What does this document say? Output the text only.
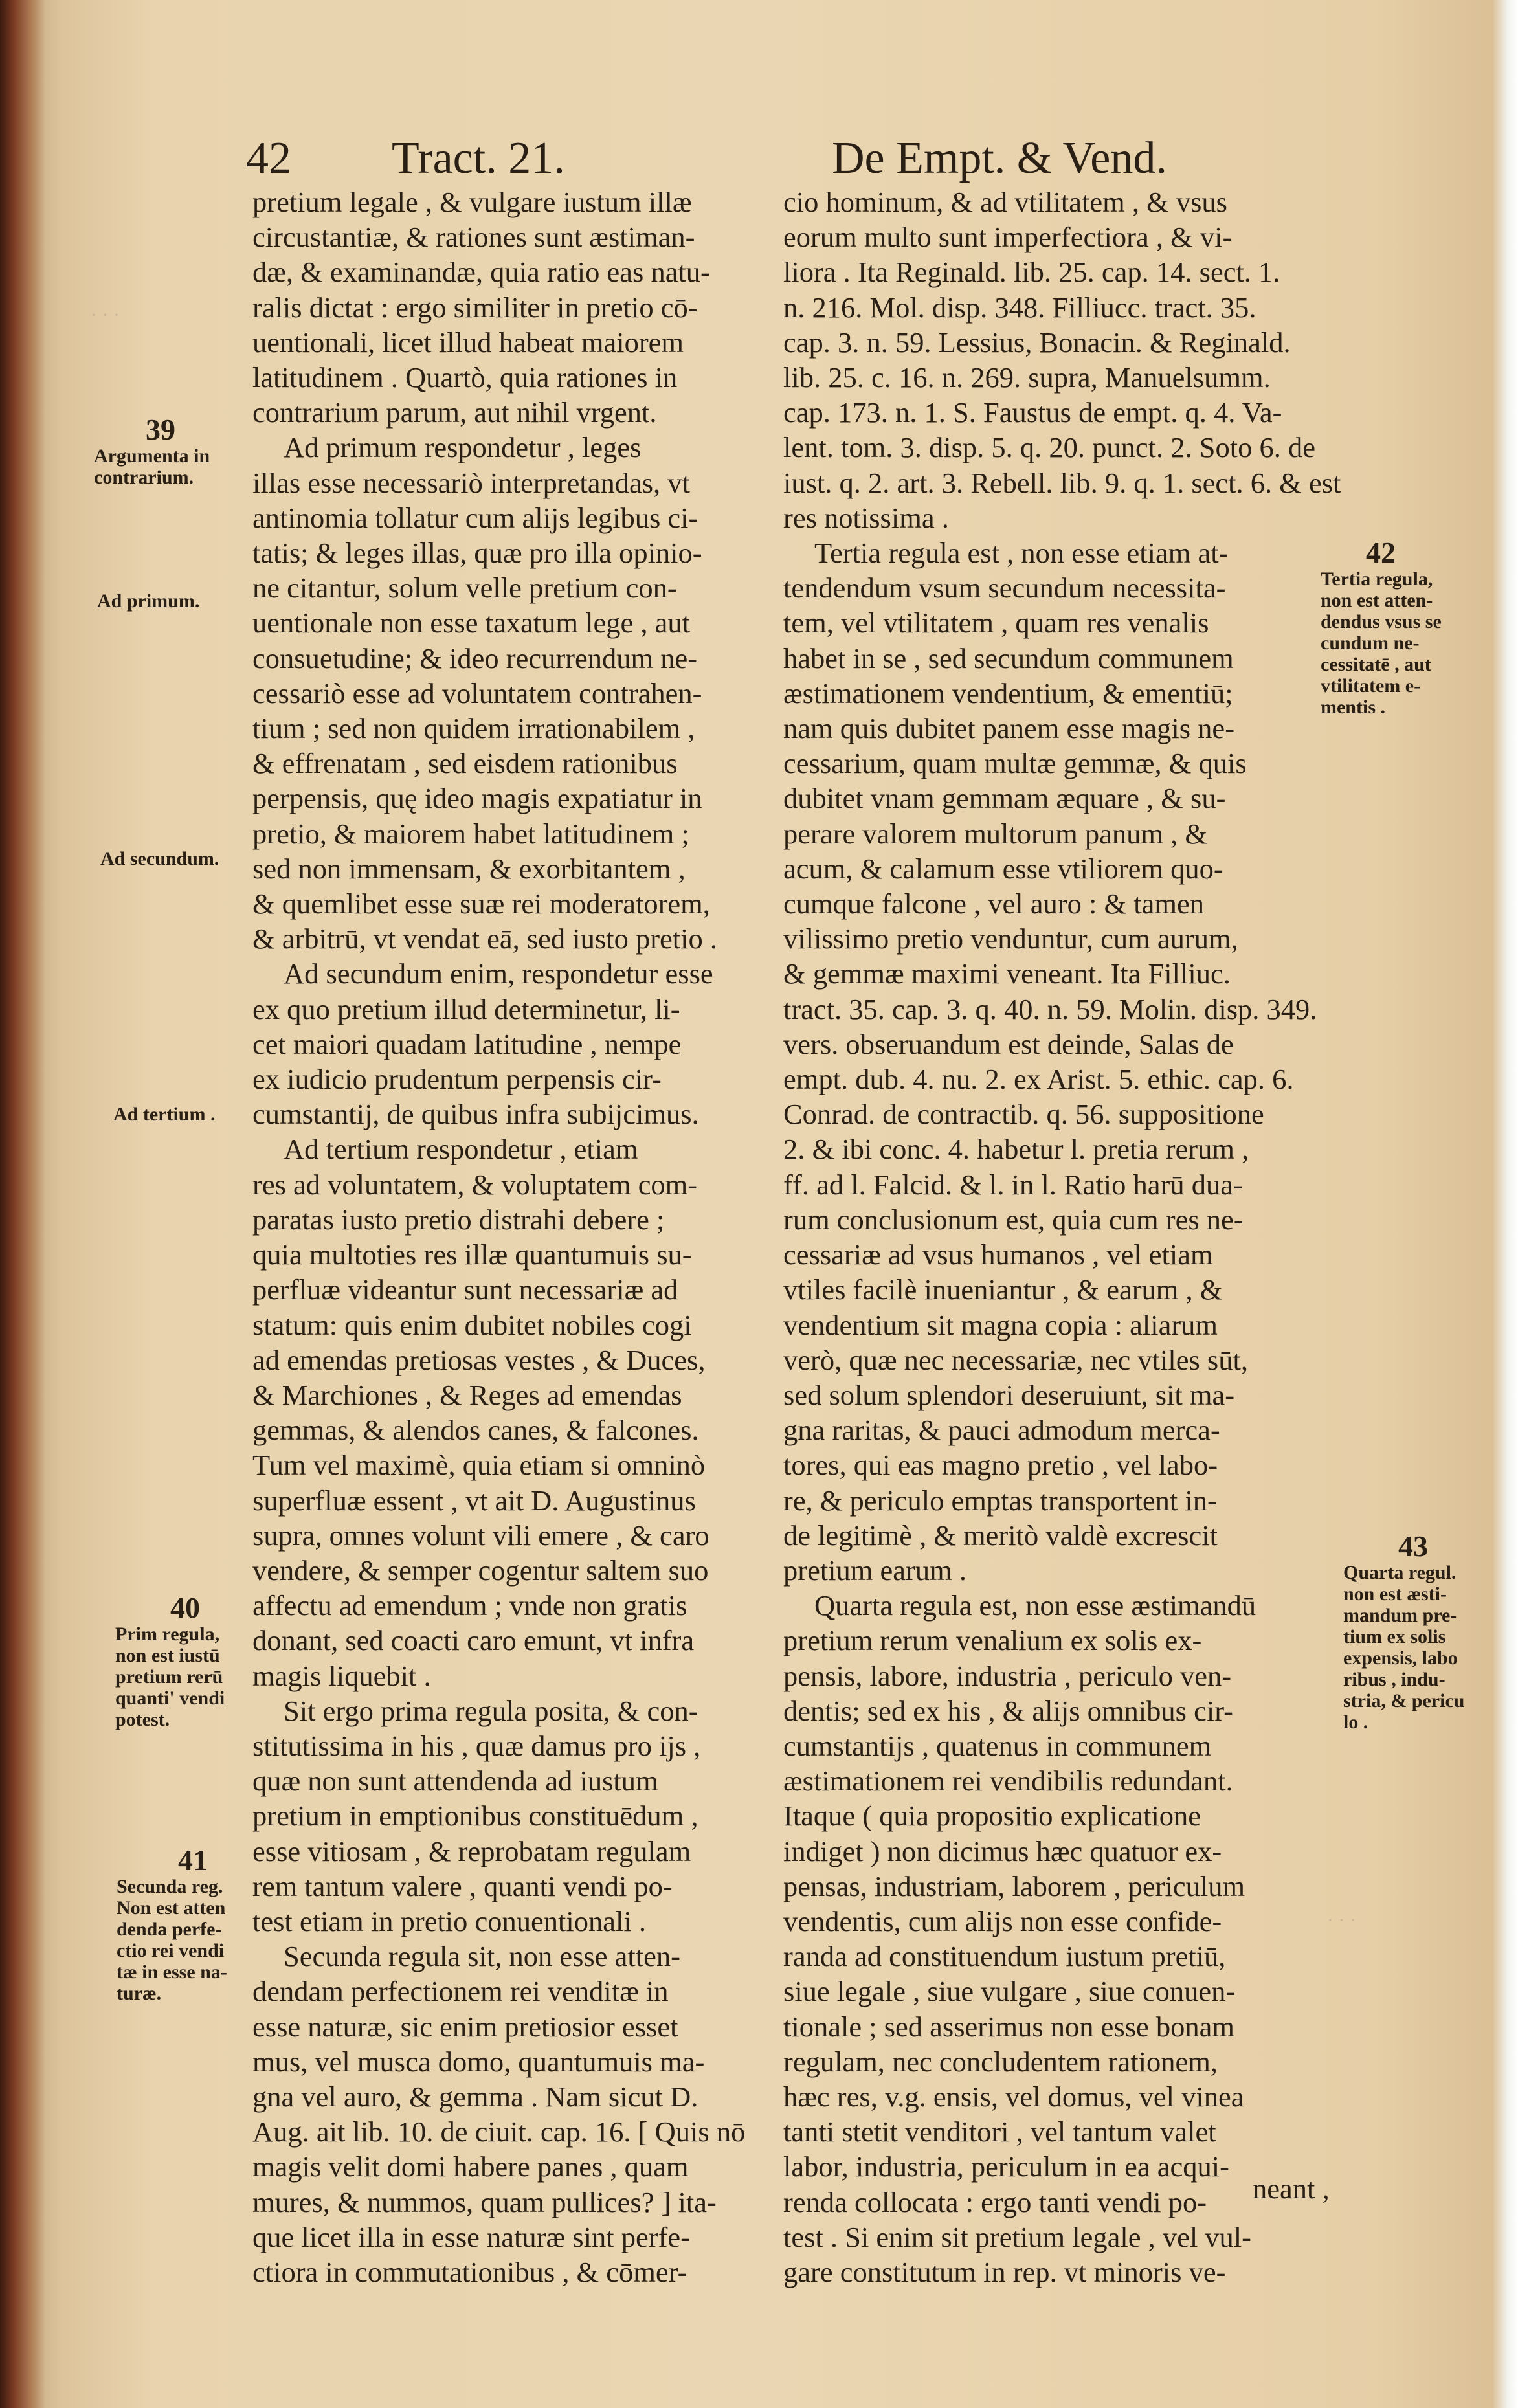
42 Tract. 21.	De Empt. & Vend.
· · ·
· · ·
pretium legale , & vulgare iustum illæ
circustantiæ, & rationes sunt æstiman-
dæ, & examinandæ, quia ratio eas natu-
ralis dictat : ergo similiter in pretio cō-
uentionali, licet illud habeat maiorem
latitudinem . Quartò, quia rationes in
contrarium parum, aut nihil vrgent.
Ad primum respondetur , leges
illas esse necessariò interpretandas, vt
antinomia tollatur cum alijs legibus ci-
tatis; & leges illas, quæ pro illa opinio-
ne citantur, solum velle pretium con-
uentionale non esse taxatum lege , aut
consuetudine; & ideo recurrendum ne-
cessariò esse ad voluntatem contrahen-
tium ; sed non quidem irrationabilem ,
& effrenatam , sed eisdem rationibus
perpensis, quę ideo magis expatiatur in
pretio, & maiorem habet latitudinem ;
sed non immensam, & exorbitantem ,
& quemlibet esse suæ rei moderatorem,
& arbitrū, vt vendat eā, sed iusto pretio .
Ad secundum enim, respondetur esse
ex quo pretium illud determinetur, li-
cet maiori quadam latitudine , nempe
ex iudicio prudentum perpensis cir-
cumstantij, de quibus infra subijcimus.
Ad tertium respondetur , etiam
res ad voluntatem, & voluptatem com-
paratas iusto pretio distrahi debere ;
quia multoties res illæ quantumuis su-
perfluæ videantur sunt necessariæ ad
statum: quis enim dubitet nobiles cogi
ad emendas pretiosas vestes , & Duces,
& Marchiones , & Reges ad emendas
gemmas, & alendos canes, & falcones.
Tum vel maximè, quia etiam si omninò
superfluæ essent , vt ait D. Augustinus
supra, omnes volunt vili emere , & caro
vendere, & semper cogentur saltem suo
affectu ad emendum ; vnde non gratis
donant, sed coacti caro emunt, vt infra
magis liquebit .
Sit ergo prima regula posita, & con-
stitutissima in his , quæ damus pro ijs ,
quæ non sunt attendenda ad iustum
pretium in emptionibus constituēdum ,
esse vitiosam , & reprobatam regulam
rem tantum valere , quanti vendi po-
test etiam in pretio conuentionali .
Secunda regula sit, non esse atten-
dendam perfectionem rei venditæ in
esse naturæ, sic enim pretiosior esset
mus, vel musca domo, quantumuis ma-
gna vel auro, & gemma . Nam sicut D.
Aug. ait lib. 10. de ciuit. cap. 16. [ Quis nō
magis velit domi habere panes , quam
mures, & nummos, quam pullices? ] ita-
que licet illa in esse naturæ sint perfe-
ctiora in commutationibus , & cōmer-
cio hominum, & ad vtilitatem , & vsus
eorum multo sunt imperfectiora , & vi-
liora . Ita Reginald. lib. 25. cap. 14. sect. 1.
n. 216. Mol. disp. 348. Filliucc. tract. 35.
cap. 3. n. 59. Lessius, Bonacin. & Reginald.
lib. 25. c. 16. n. 269. supra, Manuelsumm.
cap. 173. n. 1. S. Faustus de empt. q. 4. Va-
lent. tom. 3. disp. 5. q. 20. punct. 2. Soto 6. de
iust. q. 2. art. 3. Rebell. lib. 9. q. 1. sect. 6. & est
res notissima .
Tertia regula est , non esse etiam at-
tendendum vsum secundum necessita-
tem, vel vtilitatem , quam res venalis
habet in se , sed secundum communem
æstimationem vendentium, & ementiū;
nam quis dubitet panem esse magis ne-
cessarium, quam multæ gemmæ, & quis
dubitet vnam gemmam æquare , & su-
perare valorem multorum panum , &
acum, & calamum esse vtiliorem quo-
cumque falcone , vel auro : & tamen
vilissimo pretio venduntur, cum aurum,
& gemmæ maximi veneant. Ita Filliuc.
tract. 35. cap. 3. q. 40. n. 59. Molin. disp. 349.
vers. obseruandum est deinde, Salas de
empt. dub. 4. nu. 2. ex Arist. 5. ethic. cap. 6.
Conrad. de contractib. q. 56. suppositione
2. & ibi conc. 4. habetur l. pretia rerum ,
ff. ad l. Falcid. & l. in l. Ratio harū dua-
rum conclusionum est, quia cum res ne-
cessariæ ad vsus humanos , vel etiam
vtiles facilè inueniantur , & earum , &
vendentium sit magna copia : aliarum
verò, quæ nec necessariæ, nec vtiles sūt,
sed solum splendori deseruiunt, sit ma-
gna raritas, & pauci admodum merca-
tores, qui eas magno pretio , vel labo-
re, & periculo emptas transportent in-
de legitimè , & meritò valdè excrescit
pretium earum .
Quarta regula est, non esse æstimandū
pretium rerum venalium ex solis ex-
pensis, labore, industria , periculo ven-
dentis; sed ex his , & alijs omnibus cir-
cumstantijs , quatenus in communem
æstimationem rei vendibilis redundant.
Itaque ( quia propositio explicatione
indiget ) non dicimus hæc quatuor ex-
pensas, industriam, laborem , periculum
vendentis, cum alijs non esse confide-
randa ad constituendum iustum pretiū,
siue legale , siue vulgare , siue conuen-
tionale ; sed asserimus non esse bonam
regulam, nec concludentem rationem,
hæc res, v.g. ensis, vel domus, vel vinea
tanti stetit venditori , vel tantum valet
labor, industria, periculum in ea acqui-
renda collocata : ergo tanti vendi po-
test . Si enim sit pretium legale , vel vul-
gare constitutum in rep. vt minoris ve-
neant ,
39
Argumenta in
contrarium.
Ad primum.
Ad secundum.
Ad tertium .
40
Prim regula,
non est iustū
pretium rerū
quanti' vendi
potest.
41
Secunda reg.
Non est atten
denda perfe-
ctio rei vendi
tæ in esse na-
turæ.
42
Tertia regula,
non est atten-
dendus vsus se
cundum ne-
cessitatē , aut
vtilitatem e-
mentis .
43
Quarta regul.
non est æsti-
mandum pre-
tium ex solis
expensis, labo
ribus , indu-
stria, & pericu
lo .
